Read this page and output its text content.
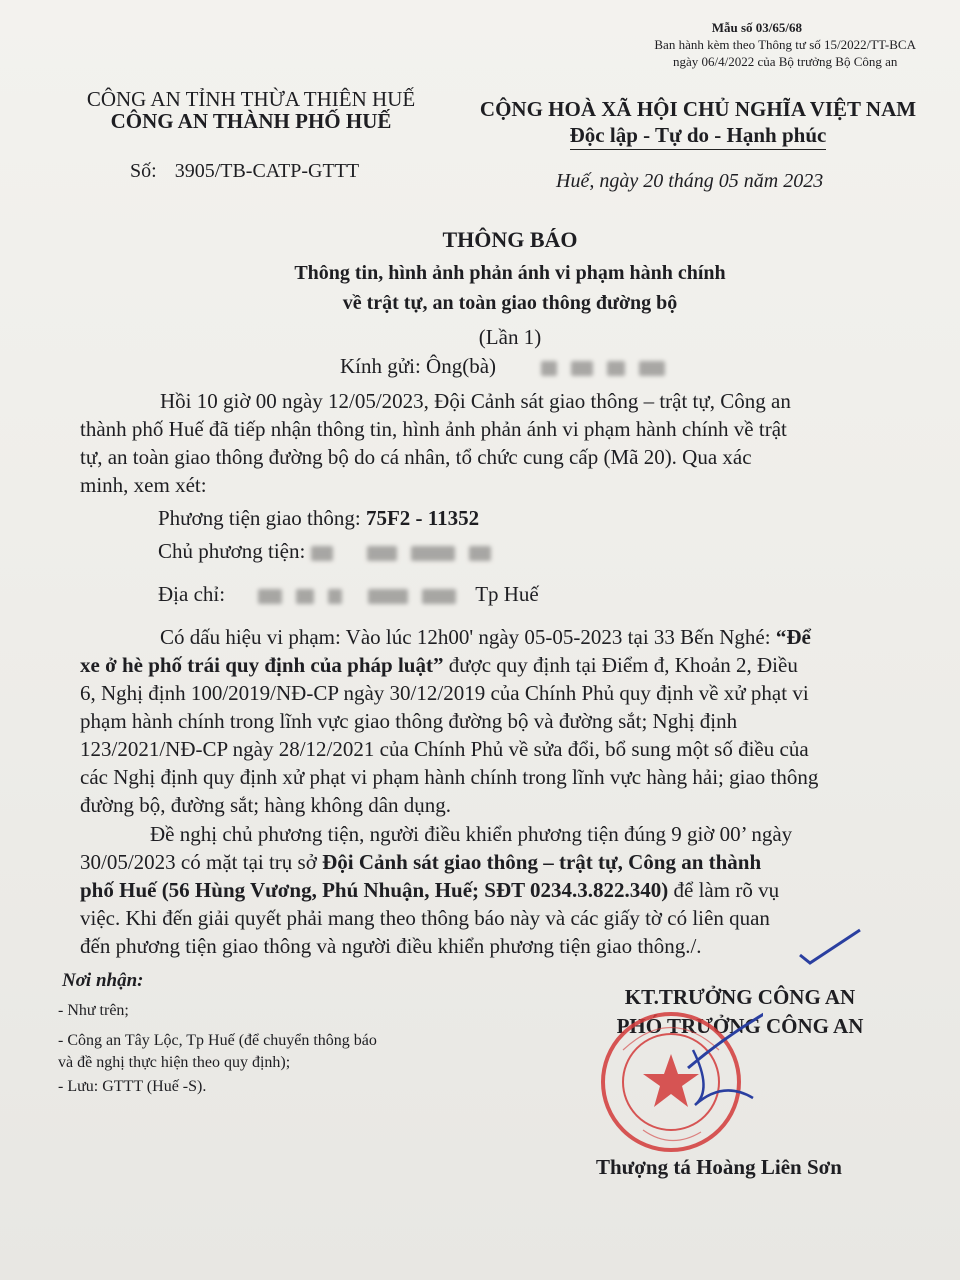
Mẫu số 03/65/68
Ban hành kèm theo Thông tư số 15/2022/TT-BCA
ngày 06/4/2022 của Bộ trưởng Bộ Công an
CÔNG AN TỈNH THỪA THIÊN HUẾ
CÔNG AN THÀNH PHỐ HUẾ	CỘNG HOÀ XÃ HỘI CHỦ NGHĨA VIỆT NAM
Độc lập - Tự do - Hạnh phúc
Số: 3905/TB-CATP-GTTT	Huế, ngày 20 tháng 05 năm 2023
THÔNG BÁO
Thông tin, hình ảnh phản ánh vi phạm hành chính
về trật tự, an toàn giao thông đường bộ
(Lần 1)
Kính gửi: Ông(bà)
Hồi 10 giờ 00 ngày 12/05/2023, Đội Cảnh sát giao thông – trật tự, Công an
thành phố Huế đã tiếp nhận thông tin, hình ảnh phản ánh vi phạm hành chính về trật
tự, an toàn giao thông đường bộ do cá nhân, tổ chức cung cấp (Mã 20). Qua xác
minh, xem xét:
Phương tiện giao thông: 75F2 - 11352
Chủ phương tiện:
Địa chỉ:	Tp Huế
Có dấu hiệu vi phạm: Vào lúc 12h00' ngày 05-05-2023 tại 33 Bến Nghé: “Để
xe ở hè phố trái quy định của pháp luật” được quy định tại Điểm đ, Khoản 2, Điều
6, Nghị định 100/2019/NĐ-CP ngày 30/12/2019 của Chính Phủ quy định về xử phạt vi
phạm hành chính trong lĩnh vực giao thông đường bộ và đường sắt; Nghị định
123/2021/NĐ-CP ngày 28/12/2021 của Chính Phủ về sửa đổi, bổ sung một số điều của
các Nghị định quy định xử phạt vi phạm hành chính trong lĩnh vực hàng hải; giao thông
đường bộ, đường sắt; hàng không dân dụng.
Đề nghị chủ phương tiện, người điều khiển phương tiện đúng 9 giờ 00’ ngày
30/05/2023 có mặt tại trụ sở Đội Cảnh sát giao thông – trật tự, Công an thành
phố Huế (56 Hùng Vương, Phú Nhuận, Huế; SĐT 0234.3.822.340) để làm rõ vụ
việc. Khi đến giải quyết phải mang theo thông báo này và các giấy tờ có liên quan
đến phương tiện giao thông và người điều khiển phương tiện giao thông./.
Nơi nhận:
- Như trên;
- Công an Tây Lộc, Tp Huế (để chuyển thông báo
và đề nghị thực hiện theo quy định);
- Lưu: GTTT (Huế -S).
KT.TRƯỞNG CÔNG AN
PHÓ TRƯỞNG CÔNG AN
Thượng tá Hoàng Liên Sơn
